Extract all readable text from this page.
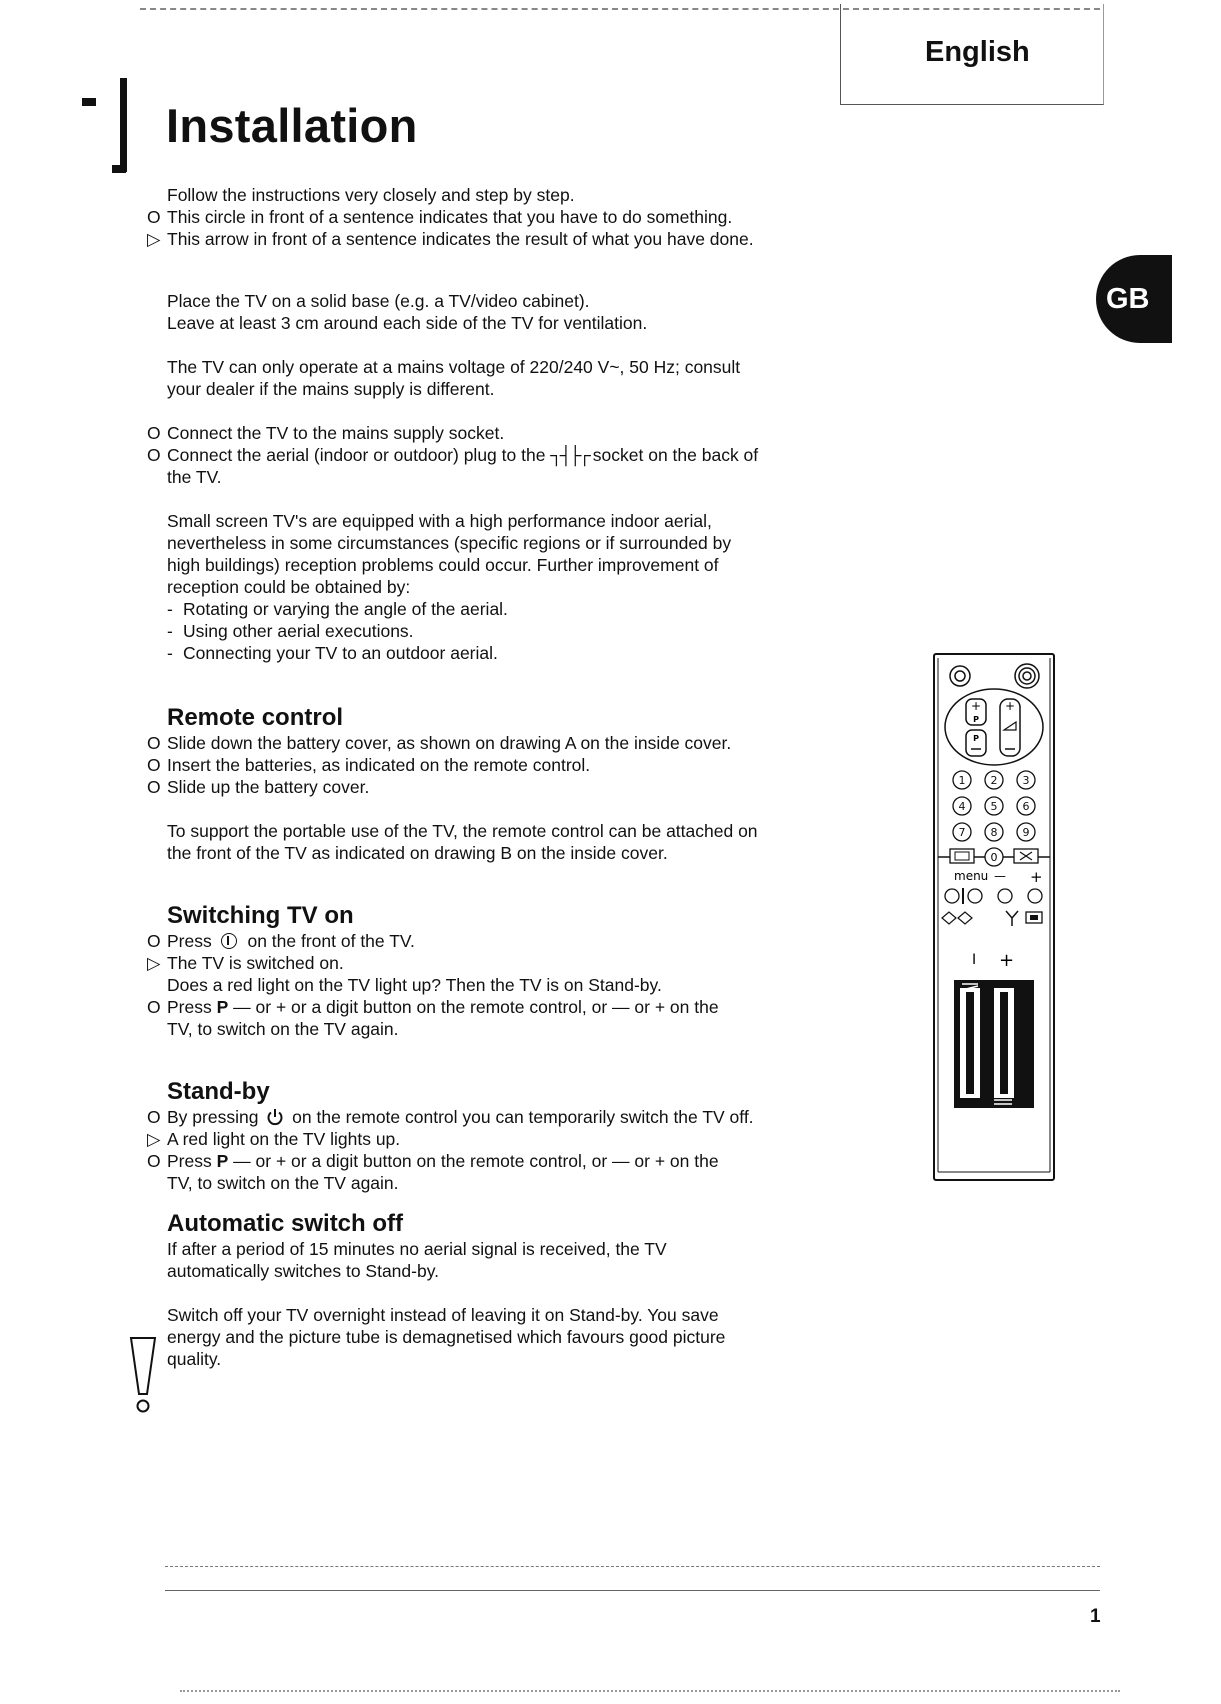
English
Installation
GB

Follow the instructions very closely and step by step.

O This circle in front of a sentence indicates that you have to do something.

▷ This arrow in front of a sentence indicates the result of what you have done.

Place the TV on a solid base (e.g. a TV/video cabinet).

Leave at least 3 cm around each side of the TV for ventilation.

The TV can only operate at a mains voltage of 220/240 V~, 50 Hz; consult

your dealer if the mains supply is different.

O Connect the TV to the mains supply socket.

O Connect the aerial (indoor or outdoor) plug to the ┐┤├┌ socket on the back of

the TV.

Small screen TV's are equipped with a high performance indoor aerial,

nevertheless in some circumstances (specific regions or if surrounded by

high buildings) reception problems could occur. Further improvement of

reception could be obtained by:

- Rotating or varying the angle of the aerial.

- Using other aerial executions.

- Connecting your TV to an outdoor aerial.

Remote control

O Slide down the battery cover, as shown on drawing A on the inside cover.

O Insert the batteries, as indicated on the remote control.

O Slide up the battery cover.

To support the portable use of the TV, the remote control can be attached on

the front of the TV as indicated on drawing B on the inside cover.

Switching TV on

O Press
on the front of the TV.

▷ The TV is switched on.

Does a red light on the TV light up? Then the TV is on Stand-by.

O Press P — or + or a digit button on the remote control, or — or + on the

TV, to switch on the TV again.

Stand-by

O By pressing  on the remote control you can temporarily switch the TV off.

▷ A red light on the TV lights up.

O Press P — or + or a digit button on the remote control, or — or + on the

TV, to switch on the TV again.

Automatic switch off

If after a period of 15 minutes no aerial signal is received, the TV

automatically switches to Stand-by.

Switch off your TV overnight instead of leaving it on Stand-by. You save

energy and the picture tube is demagnetised which favours good picture

quality.

+
P
P
+
1 2 3
4 5 6
7 8 9
0
menu — +
I +
1
